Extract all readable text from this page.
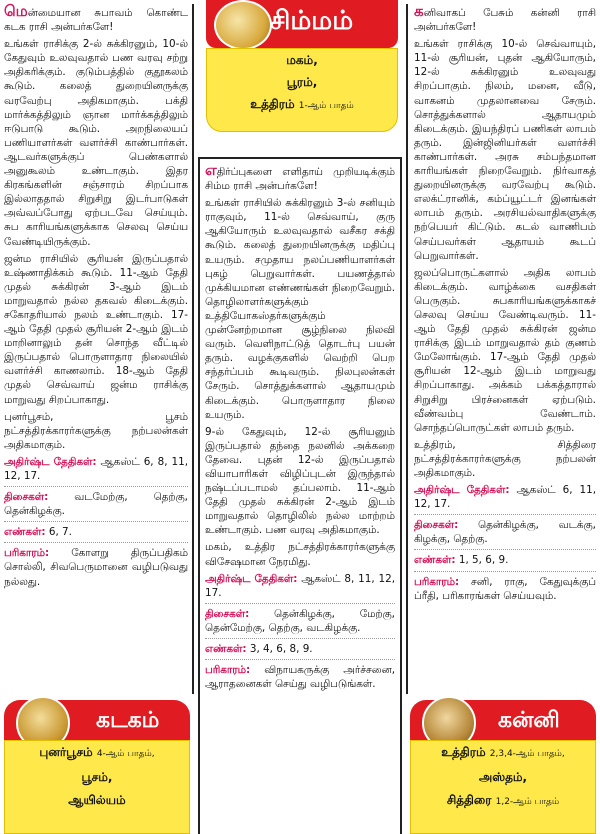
சிம்மம்
மகம்,
பூரம்,
உத்திரம் 1-ஆம் பாதம்

மென்மையான சுபாவம் கொண்ட கடக ராசி அன்பர்களே!

உங்கள் ராசிக்கு 2-ல் சுக்கிரனும், 10-ல் கேதுவும் உலவுவதால் பண வரவு சற்று அதிகரிக்கும். குடும்பத்தில் குதூகலம் கூடும். கலைத் துறையினருக்கு வரவேற்பு அதிகமாகும். பக்தி மார்க்கத்திலும் ஞான மார்க்கத்திலும் ஈடுபாடு கூடும். அறநிலையப் பணியாளர்கள் வளர்ச்சி காண்பார்கள். ஆடவர்களுக்குப் பெண்களால் அனுகூலம் உண்டாகும். இதர கிரகங்களின் சஞ்சாரம் சிறப்பாக இல்லாததால் சிறுசிறு இடர்பாடுகள் அவ்வப்போது ஏற்படவே செய்யும். சுப காரியங்களுக்காக செலவு செய்ய வேண்டியிருக்கும்.

ஜன்ம ராசியில் சூரியன் இருப்பதால் உஷ்ணாதிக்கம் கூடும். 11-ஆம் தேதி முதல் சுக்கிரன் 3-ஆம் இடம் மாறுவதால் நல்ல தகவல் கிடைக்கும். சகோதரியால் நலம் உண்டாகும். 17-ஆம் தேதி முதல் சூரியன் 2-ஆம் இடம் மாறினாலும் தன் சொந்த வீட்டில் இருப்பதால் பொருளாதார நிலையில் வளர்ச்சி காணலாம். 18-ஆம் தேதி முதல் செவ்வாய் ஜன்ம ராசிக்கு மாறுவது சிறப்பாகாது.

புனர்பூசம், பூசம் நட்சத்திரக்காரர்களுக்கு நற்பலன்கள் அதிகமாகும்.

அதிர்ஷ்ட தேதிகள்: ஆகஸ்ட் 6, 8, 11, 12, 17.
திசைகள்: வடமேற்கு, தெற்கு, தென்கிழக்கு.
எண்கள்: 6, 7.
பரிகாரம்: கோளறு திருப்பதிகம் சொல்லி, சிவபெருமானை வழிபடுவது நல்லது.

எதிர்ப்புகளை எளிதாய் முறியடிக்கும் சிம்ம ராசி அன்பர்களே!

உங்கள் ராசியில் சுக்கிரனும் 3-ல் சனியும் ராகுவும், 11-ல் செவ்வாய், குரு ஆகியோரும் உலவுவதால் வசீகர சக்தி கூடும். கலைத் துறையினருக்கு மதிப்பு உயரும். சமுதாய நலப்பணியாளர்கள் புகழ் பெறுவார்கள். பயணத்தால் முக்கியமான எண்ணங்கள் நிறைவேறும். தொழிலாளர்களுக்கும் உத்தியோகஸ்தர்களுக்கும் முன்னேற்றமான சூழ்நிலை நிலவி வரும். வெளிநாட்டுத் தொடர்பு பயன் தரும். வழக்குகளில் வெற்றி பெற சந்தர்ப்பம் கூடிவரும். நிலபுலன்கள் சேரும். சொத்துக்களால் ஆதாயமும் கிடைக்கும். பொருளாதார நிலை உயரும்.

9-ல் கேதுவும், 12-ல் சூரியனும் இருப்பதால் தந்தை நலனில் அக்கறை தேவை. புதன் 12-ல் இருப்பதால் வியாபாரிகள் விழிப்புடன் இருந்தால் நஷ்டப்படாமல் தப்பலாம். 11-ஆம் தேதி முதல் சுக்கிரன் 2-ஆம் இடம் மாறுவதால் தொழிலில் நல்ல மாற்றம் உண்டாகும். பண வரவு அதிகமாகும்.

மகம், உத்திர நட்சத்திரக்காரர்களுக்கு விசேஷமான நேரமிது.

அதிர்ஷ்ட தேதிகள்: ஆகஸ்ட் 8, 11, 12, 17.
திசைகள்: தென்கிழக்கு, மேற்கு, தென்மேற்கு, தெற்கு, வடகிழக்கு.
எண்கள்: 3, 4, 6, 8, 9.
பரிகாரம்: விநாயகருக்கு அர்ச்சனை, ஆராதனைகள் செய்து வழிபடுங்கள்.

கனிவாகப் பேசும் கன்னி ராசி அன்பர்களே!

உங்கள் ராசிக்கு 10-ல் செவ்வாயும், 11-ல் சூரியன், புதன் ஆகியோரும், 12-ல் சுக்கிரனும் உலவுவது சிறப்பாகும். நிலம், மனை, வீடு, வாகனம் முதலானவை சேரும். சொத்துக்களால் ஆதாயமும் கிடைக்கும். இயந்திரப் பணிகள் லாபம் தரும். இன்ஜினியர்கள் வளர்ச்சி காண்பார்கள். அரசு சம்பந்தமான காரியங்கள் நிறைவேறும். நிர்வாகத் துறையினருக்கு வரவேற்பு கூடும். எலக்ட்ரானிக், கம்ப்யூட்டர் இனங்கள் லாபம் தரும். அரசியல்வாதிகளுக்கு நற்பெயர் கிட்டும். கடல் வாணிபம் செய்பவர்கள் ஆதாயம் கூடப் பெறுவார்கள்.

ஜலப்பொருட்களால் அதிக லாபம் கிடைக்கும். வாழ்க்கை வசதிகள் பெருகும். சுபகாரியங்களுக்காகச் செலவு செய்ய வேண்டிவரும். 11-ஆம் தேதி முதல் சுக்கிரன் ஜன்ம ராசிக்கு இடம் மாறுவதால் தம் குணம் மேலோங்கும். 17-ஆம் தேதி முதல் சூரியன் 12-ஆம் இடம் மாறுவது சிறப்பாகாது. அக்கம் பக்கத்தாரால் சிறுசிறு பிரச்னைகள் ஏற்படும். வீண்வம்பு வேண்டாம். சொந்தப்பொருட்கள் லாபம் தரும்.

உத்திரம், சித்திரை நட்சத்திரக்காரர்களுக்கு நற்பலன் அதிகமாகும்.

அதிர்ஷ்ட தேதிகள்: ஆகஸ்ட் 6, 11, 12, 17.
திசைகள்: தென்கிழக்கு, வடக்கு, கிழக்கு, தெற்கு.
எண்கள்: 1, 5, 6, 9.
பரிகாரம்: சனி, ராகு, கேதுவுக்குப் ப்ரீதி, பரிகாரங்கள் செய்யவும்.
கடகம்
புனர்பூசம் 4-ஆம் பாதம்,
பூசம்,
ஆயில்யம்
கன்னி
உத்திரம் 2,3,4-ஆம் பாதம்,
அஸ்தம்,
சித்திரை 1,2-ஆம் பாதம்
